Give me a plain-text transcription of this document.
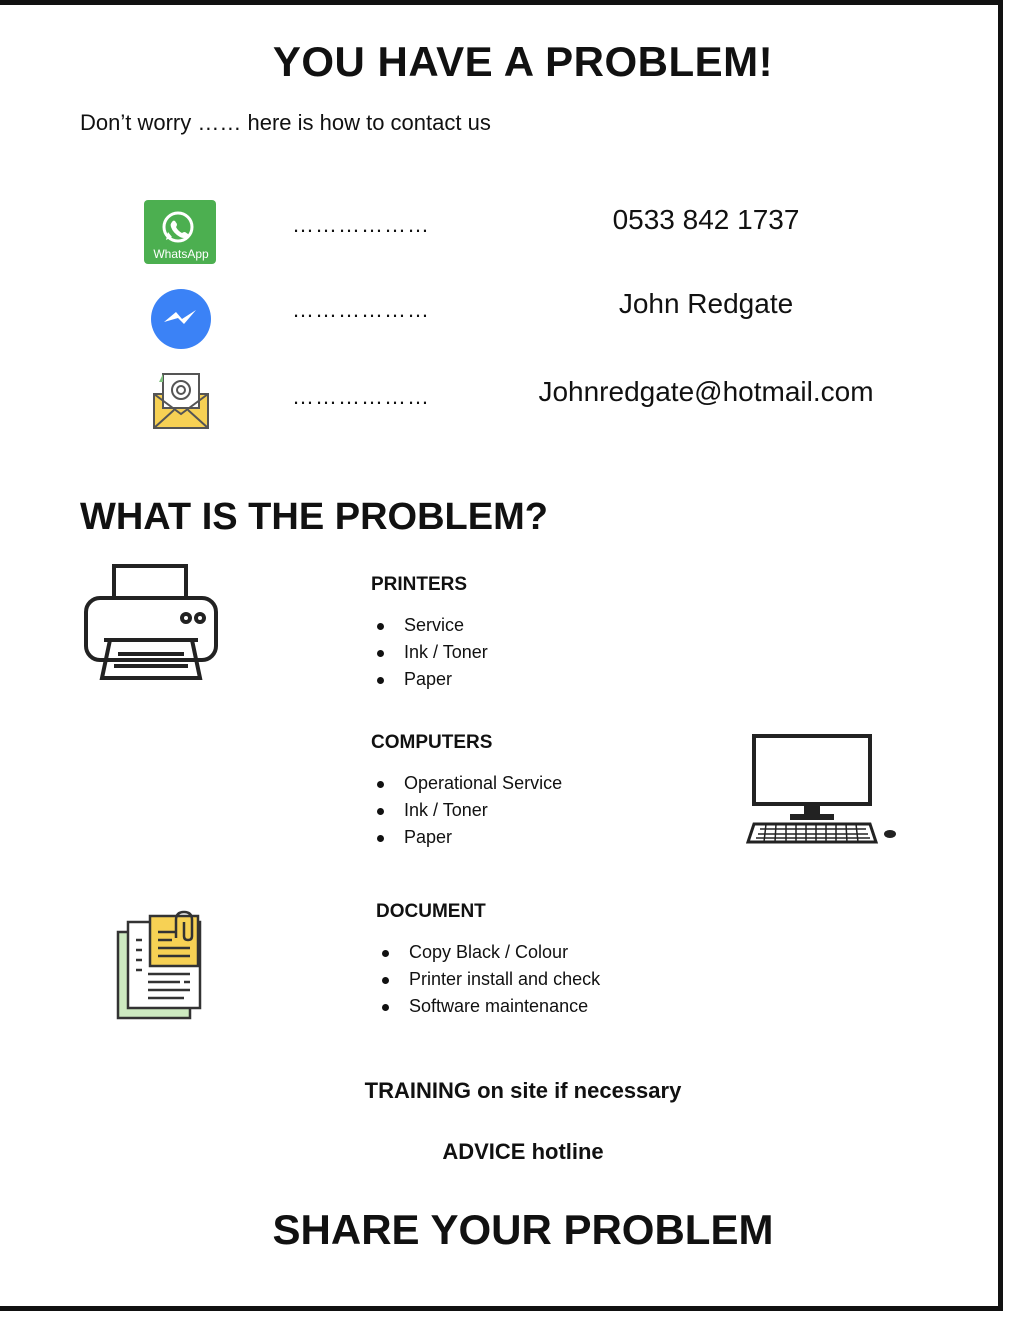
YOU HAVE A PROBLEM!
Don’t worry …… here is how to contact us
WhatsApp
………………	0533 842 1737
………………	John Redgate
………………	Johnredgate@hotmail.com
WHAT IS THE PROBLEM?
PRINTERS
Service
Ink / Toner
Paper
COMPUTERS
Operational Service
Ink / Toner
Paper
DOCUMENT
Copy Black / Colour
Printer install and check
Software maintenance
TRAINING on site if necessary
ADVICE hotline
SHARE YOUR PROBLEM
